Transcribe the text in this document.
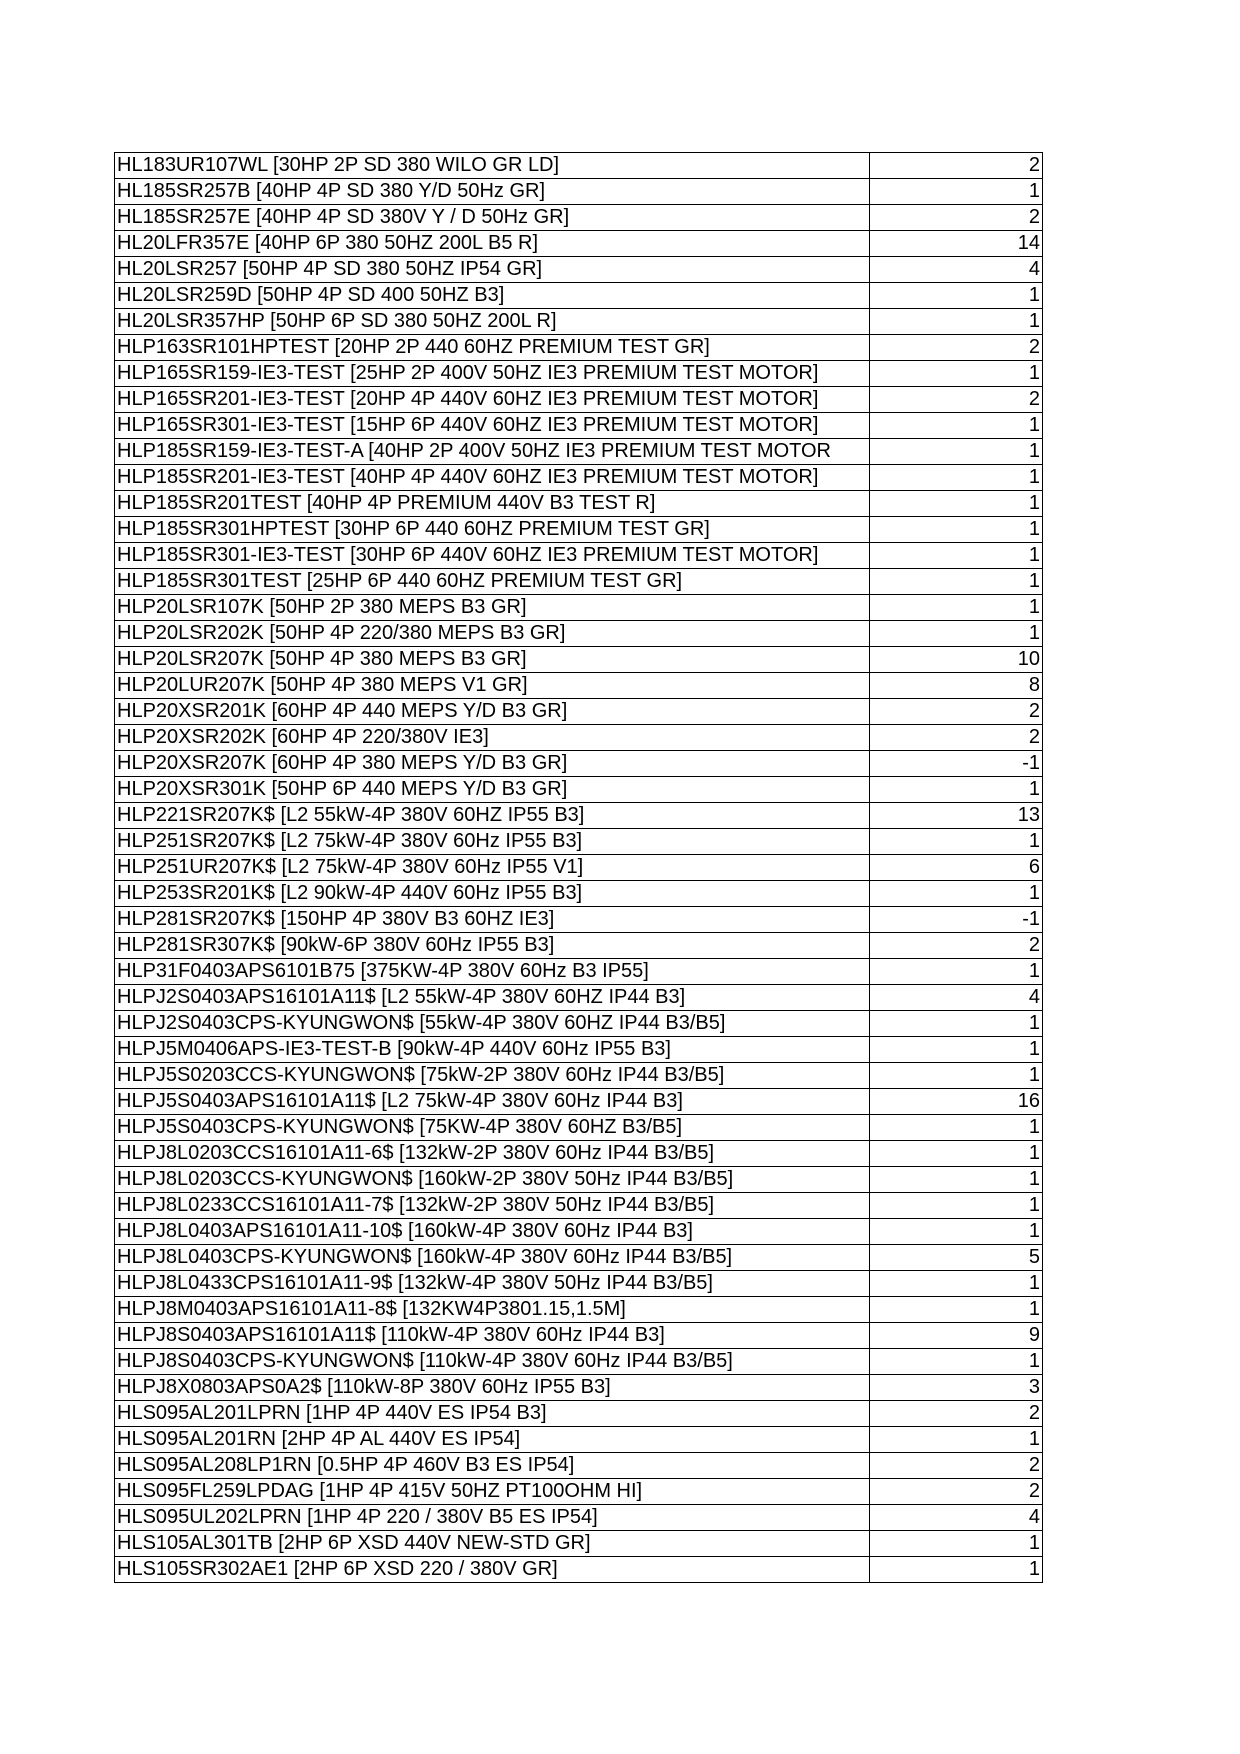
HL183UR107WL [30HP 2P SD 380 WILO GR LD]	2
HL185SR257B [40HP 4P SD 380 Y/D 50Hz GR]	1
HL185SR257E [40HP 4P SD 380V Y / D 50Hz GR]	2
HL20LFR357E [40HP 6P 380 50HZ 200L B5 R]	14
HL20LSR257 [50HP 4P SD 380 50HZ IP54 GR]	4
HL20LSR259D [50HP 4P SD 400 50HZ B3]	1
HL20LSR357HP [50HP 6P SD 380 50HZ 200L R]	1
HLP163SR101HPTEST [20HP 2P 440 60HZ PREMIUM TEST GR]	2
HLP165SR159-IE3-TEST [25HP 2P 400V 50HZ IE3 PREMIUM TEST MOTOR]	1
HLP165SR201-IE3-TEST [20HP 4P 440V 60HZ IE3 PREMIUM TEST MOTOR]	2
HLP165SR301-IE3-TEST [15HP 6P 440V 60HZ IE3 PREMIUM TEST MOTOR]	1
HLP185SR159-IE3-TEST-A [40HP 2P 400V 50HZ IE3 PREMIUM TEST MOTOR	1
HLP185SR201-IE3-TEST [40HP 4P 440V 60HZ IE3 PREMIUM TEST MOTOR]	1
HLP185SR201TEST [40HP 4P PREMIUM 440V B3 TEST R]	1
HLP185SR301HPTEST [30HP 6P 440 60HZ PREMIUM TEST GR]	1
HLP185SR301-IE3-TEST [30HP 6P 440V 60HZ IE3 PREMIUM TEST MOTOR]	1
HLP185SR301TEST [25HP 6P 440 60HZ PREMIUM TEST GR]	1
HLP20LSR107K [50HP 2P 380 MEPS B3 GR]	1
HLP20LSR202K [50HP 4P 220/380 MEPS B3 GR]	1
HLP20LSR207K [50HP 4P 380 MEPS B3 GR]	10
HLP20LUR207K [50HP 4P 380 MEPS V1 GR]	8
HLP20XSR201K [60HP 4P 440 MEPS Y/D B3 GR]	2
HLP20XSR202K [60HP 4P 220/380V IE3]	2
HLP20XSR207K [60HP 4P 380 MEPS Y/D B3 GR]	-1
HLP20XSR301K [50HP 6P 440 MEPS Y/D B3 GR]	1
HLP221SR207K$ [L2 55kW-4P 380V 60HZ IP55 B3]	13
HLP251SR207K$ [L2 75kW-4P 380V 60Hz IP55 B3]	1
HLP251UR207K$ [L2 75kW-4P 380V 60Hz IP55 V1]	6
HLP253SR201K$ [L2 90kW-4P 440V 60Hz IP55 B3]	1
HLP281SR207K$ [150HP 4P 380V B3 60HZ IE3]	-1
HLP281SR307K$ [90kW-6P 380V 60Hz IP55 B3]	2
HLP31F0403APS6101B75 [375KW-4P 380V 60Hz B3 IP55]	1
HLPJ2S0403APS16101A11$ [L2 55kW-4P 380V 60HZ IP44 B3]	4
HLPJ2S0403CPS-KYUNGWON$ [55kW-4P 380V 60HZ IP44 B3/B5]	1
HLPJ5M0406APS-IE3-TEST-B [90kW-4P 440V 60Hz IP55 B3]	1
HLPJ5S0203CCS-KYUNGWON$ [75kW-2P 380V 60Hz IP44 B3/B5]	1
HLPJ5S0403APS16101A11$ [L2 75kW-4P 380V 60Hz IP44 B3]	16
HLPJ5S0403CPS-KYUNGWON$ [75KW-4P 380V 60HZ B3/B5]	1
HLPJ8L0203CCS16101A11-6$ [132kW-2P 380V 60Hz IP44 B3/B5]	1
HLPJ8L0203CCS-KYUNGWON$ [160kW-2P 380V 50Hz IP44 B3/B5]	1
HLPJ8L0233CCS16101A11-7$ [132kW-2P 380V 50Hz IP44 B3/B5]	1
HLPJ8L0403APS16101A11-10$ [160kW-4P 380V 60Hz IP44 B3]	1
HLPJ8L0403CPS-KYUNGWON$ [160kW-4P 380V 60Hz IP44 B3/B5]	5
HLPJ8L0433CPS16101A11-9$ [132kW-4P 380V 50Hz IP44 B3/B5]	1
HLPJ8M0403APS16101A11-8$ [132KW4P3801.15,1.5M]	1
HLPJ8S0403APS16101A11$ [110kW-4P 380V 60Hz IP44 B3]	9
HLPJ8S0403CPS-KYUNGWON$ [110kW-4P 380V 60Hz IP44 B3/B5]	1
HLPJ8X0803APS0A2$ [110kW-8P 380V 60Hz IP55 B3]	3
HLS095AL201LPRN [1HP 4P 440V ES IP54 B3]	2
HLS095AL201RN [2HP 4P AL 440V ES IP54]	1
HLS095AL208LP1RN [0.5HP 4P 460V B3 ES IP54]	2
HLS095FL259LPDAG [1HP 4P 415V 50HZ PT100OHM HI]	2
HLS095UL202LPRN [1HP 4P 220 / 380V B5 ES IP54]	4
HLS105AL301TB [2HP 6P XSD 440V NEW-STD GR]	1
HLS105SR302AE1 [2HP 6P XSD 220 / 380V GR]	1
